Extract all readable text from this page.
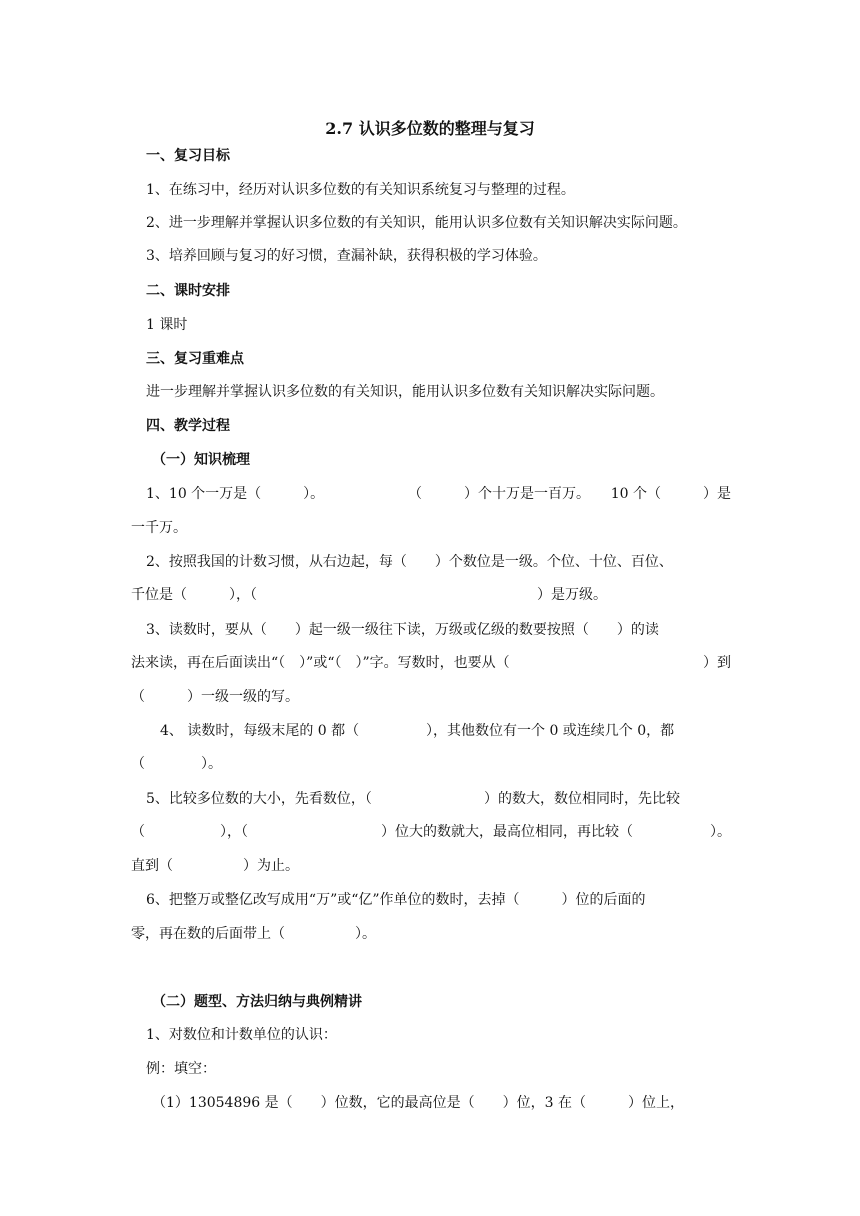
2.7 认识多位数的整理与复习
一、复习目标
1、在练习中，经历对认识多位数的有关知识系统复习与整理的过程。
2、进一步理解并掌握认识多位数的有关知识，能用认识多位数有关知识解决实际问题。
3、培养回顾与复习的好习惯，查漏补缺，获得积极的学习体验。
二、课时安排
1 课时
三、复习重难点
进一步理解并掌握认识多位数的有关知识，能用认识多位数有关知识解决实际问题。
四、教学过程
（一）知识梳理
1、10 个一万是（　　　）。	（　　　）个十万是一百万。 10 个（　　　）是
一千万。
2、按照我国的计数习惯，从右边起，每（　　）个数位是一级。个位、十位、百位、
千位是（　　　），（	）是万级。
3、读数时，要从（　　）起一级一级往下读，万级或亿级的数要按照（　　）的读
法来读，再在后面读出“（　）”或“（　）”字。写数时，也要从（	）到
（　　　）一级一级的写。
4、 读数时，每级末尾的 0 都（	），其他数位有一个 0 或连续几个 0，都
（　　　　）。
5、比较多位数的大小，先看数位，（	）的数大，数位相同时，先比较
（	），（	）位大的数就大，最高位相同，再比较（	）。
直到（　　　　　）为止。
6、把整万或整亿改写成用“万”或“亿”作单位的数时，去掉（　　　）位的后面的
零，再在数的后面带上（　　　　　）。
（二）题型、方法归纳与典例精讲
1、对数位和计数单位的认识：
例：填空：
（1）13054896 是（　　）位数，它的最高位是（　　）位，3 在（　　　）位上，
